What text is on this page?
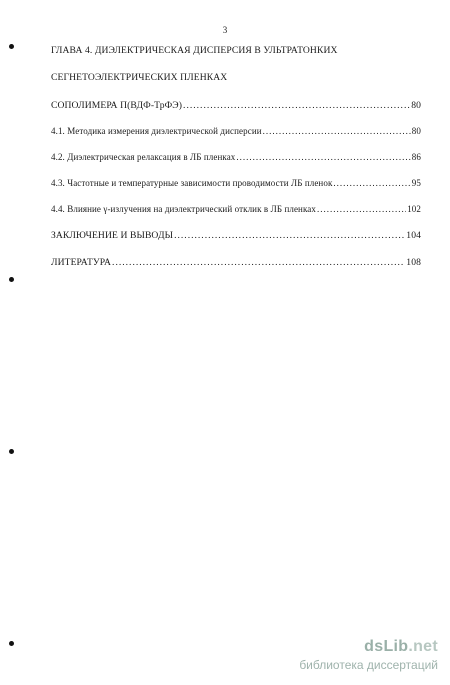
3
ГЛАВА 4. ДИЭЛЕКТРИЧЕСКАЯ ДИСПЕРСИЯ В УЛЬТРАТОНКИХ
СЕГНЕТОЭЛЕКТРИЧЕСКИХ ПЛЕНКАХ
СОПОЛИМЕРА П(ВДФ-ТрФЭ) .....	80
4.1. Методика измерения диэлектрической дисперсии .....	80
4.2. Диэлектрическая релаксация в ЛБ пленках .....	86
4.3. Частотные и температурные зависимости проводимости ЛБ пленок .....	95
4.4. Влияние γ-излучения на диэлектрический отклик в ЛБ пленках .....	102
ЗАКЛЮЧЕНИЕ И ВЫВОДЫ .....	104
ЛИТЕРАТУРА .....	108
dsLib.net
библиотека диссертаций
